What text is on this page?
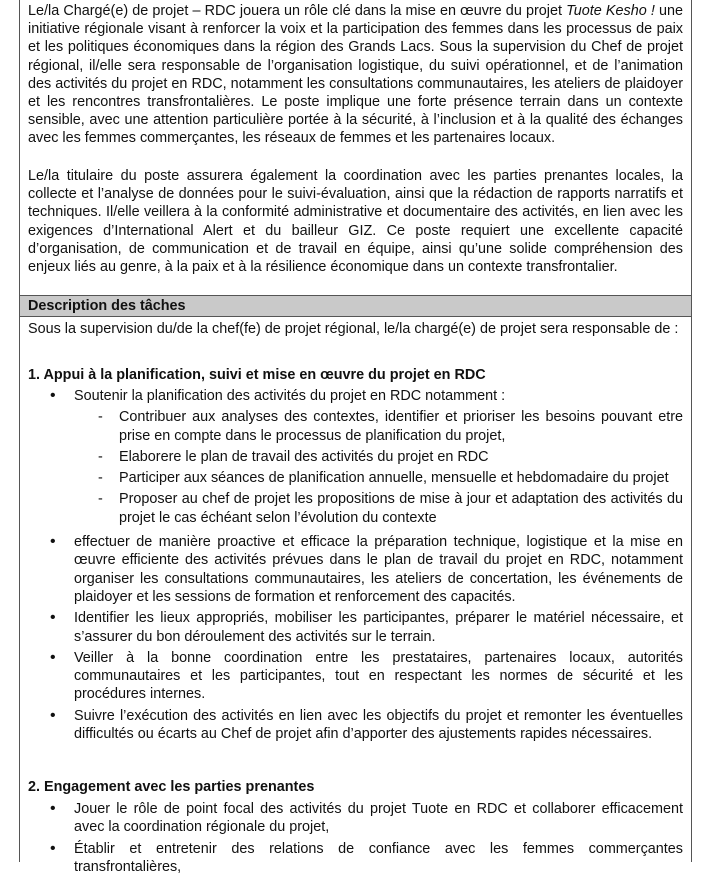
Le/la Chargé(e) de projet – RDC jouera un rôle clé dans la mise en œuvre du projet Tuote Kesho ! une initiative régionale visant à renforcer la voix et la participation des femmes dans les processus de paix et les politiques économiques dans la région des Grands Lacs. Sous la supervision du Chef de projet régional, il/elle sera responsable de l’organisation logistique, du suivi opérationnel, et de l’animation des activités du projet en RDC, notamment les consultations communautaires, les ateliers de plaidoyer et les rencontres transfrontalières. Le poste implique une forte présence terrain dans un contexte sensible, avec une attention particulière portée à la sécurité, à l’inclusion et à la qualité des échanges avec les femmes commerçantes, les réseaux de femmes et les partenaires locaux.

Le/la titulaire du poste assurera également la coordination avec les parties prenantes locales, la collecte et l’analyse de données pour le suivi-évaluation, ainsi que la rédaction de rapports narratifs et techniques. Il/elle veillera à la conformité administrative et documentaire des activités, en lien avec les exigences d’International Alert et du bailleur GIZ. Ce poste requiert une excellente capacité d’organisation, de communication et de travail en équipe, ainsi qu’une solide compréhension des enjeux liés au genre, à la paix et à la résilience économique dans un contexte transfrontalier.

Description des tâches
Sous la supervision du/de la chef(fe) de projet régional, le/la chargé(e) de projet sera responsable de :
1. Appui à la planification, suivi et mise en œuvre du projet en RDC
• Soutenir la planification des activités du projet en RDC notamment :
- Contribuer aux analyses des contextes, identifier et prioriser les besoins pouvant etre prise en compte dans le processus de planification du projet,
- Elaborere le plan de travail des activités du projet en RDC
- Participer aux séances de planification annuelle, mensuelle et hebdomadaire du projet
- Proposer au chef de projet les propositions de mise à jour et adaptation des activités du projet le cas échéant selon l’évolution du contexte
• effectuer de manière proactive et efficace la préparation technique, logistique et la mise en œuvre efficiente des activités prévues dans le plan de travail du projet en RDC, notamment organiser les consultations communautaires, les ateliers de concertation, les événements de plaidoyer et les sessions de formation et renforcement des capacités.
• Identifier les lieux appropriés, mobiliser les participantes, préparer le matériel nécessaire, et s’assurer du bon déroulement des activités sur le terrain.
• Veiller à la bonne coordination entre les prestataires, partenaires locaux, autorités communautaires et les participantes, tout en respectant les normes de sécurité et les procédures internes.
• Suivre l’exécution des activités en lien avec les objectifs du projet et remonter les éventuelles difficultés ou écarts au Chef de projet afin d’apporter des ajustements rapides nécessaires.
2. Engagement avec les parties prenantes
• Jouer le rôle de point focal des activités du projet Tuote en RDC et collaborer efficacement avec la coordination régionale du projet,
• Établir et entretenir des relations de confiance avec les femmes commerçantes transfrontalières,
